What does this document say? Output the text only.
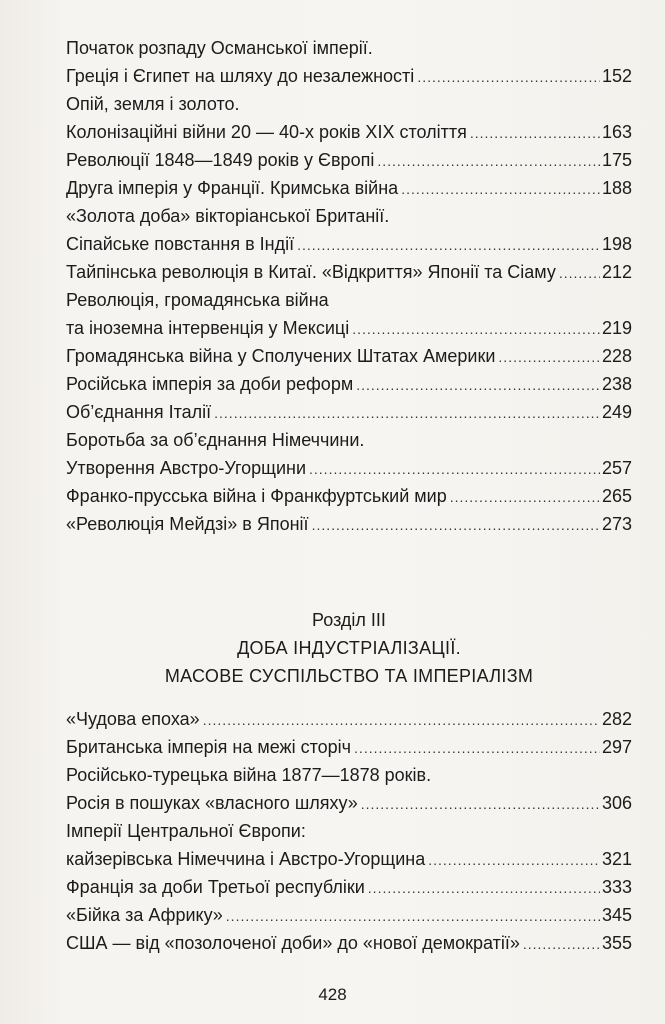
Початок розпаду Османської імперії.
Греція і Єгипет на шляху до незалежності .....	152
Опій, земля і золото.
Колонізаційні війни 20 — 40-х років XIX століття .....	163
Революції 1848—1849 років у Європі .....	175
Друга імперія у Франції. Кримська війна .....	188
«Золота доба» вікторіанської Британії.
Сіпайське повстання в Індії .....	198
Тайпінська революція в Китаї. «Відкриття» Японії та Сіаму .....	212
Революція, громадянська війна
та іноземна інтервенція у Мексиці .....	219
Громадянська війна у Сполучених Штатах Америки .....	228
Російська імперія за доби реформ .....	238
Об’єднання Італії .....	249
Боротьба за об’єднання Німеччини.
Утворення Австро-Угорщини .....	257
Франко-прусська війна і Франкфуртський мир .....	265
«Революція Мейдзі» в Японії .....	273
Розділ III
ДОБА ІНДУСТРІАЛІЗАЦІЇ.
МАСОВЕ СУСПІЛЬСТВО ТА ІМПЕРІАЛІЗМ
«Чудова епоха» .....	282
Британська імперія на межі сторіч .....	297
Російсько-турецька війна 1877—1878 років.
Росія в пошуках «власного шляху» .....	306
Імперії Центральної Європи:
кайзерівська Німеччина і Австро-Угорщина .....	321
Франція за доби Третьої республіки .....	333
«Бійка за Африку» .....	345
США — від «позолоченої доби» до «нової демократії» .....	355
428
